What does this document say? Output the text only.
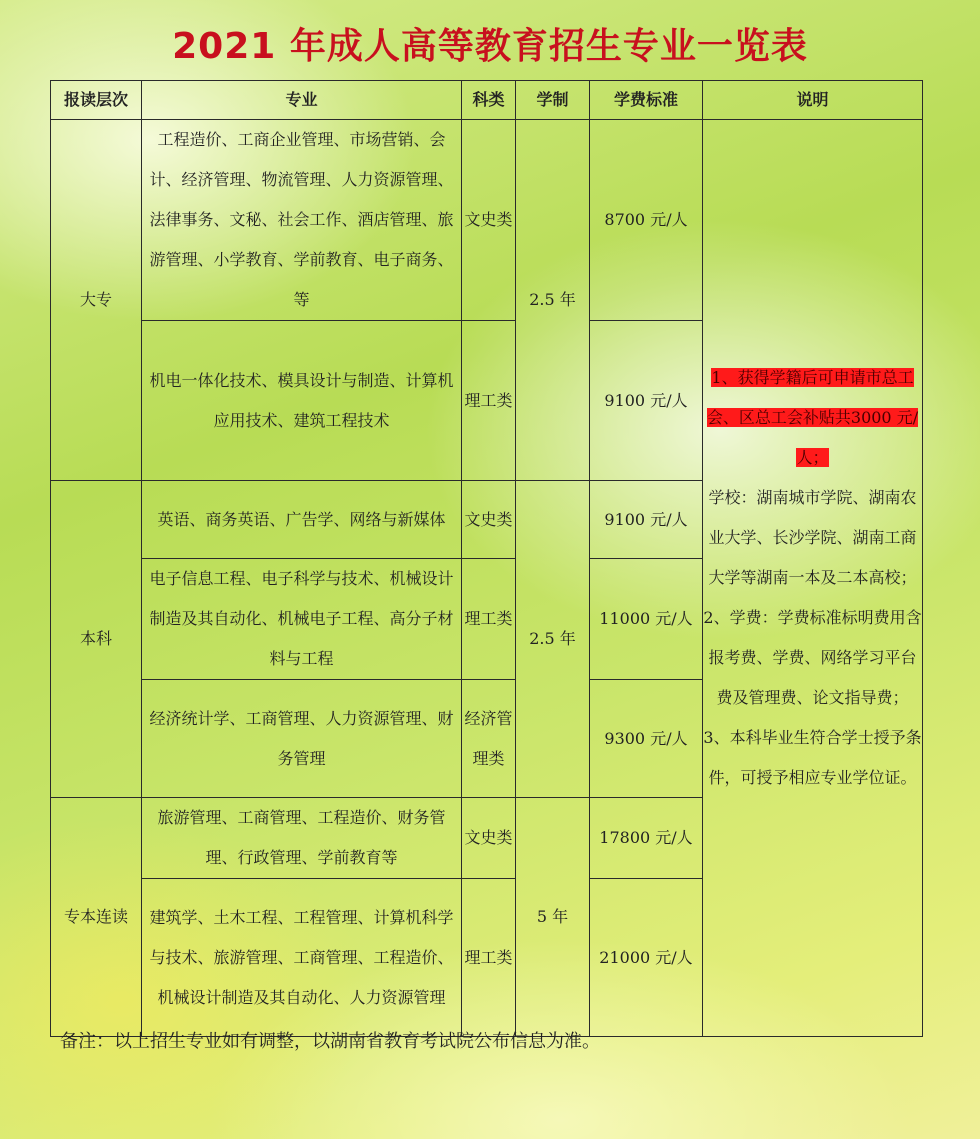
2021 年成人高等教育招生专业一览表
报读层次	专业	科类	学制	学费标准	说明
大专	工程造价、工商企业管理、市场营销、会计、经济管理、物流管理、人力资源管理、法律事务、文秘、社会工作、酒店管理、旅游管理、小学教育、学前教育、电子商务、等	文史类	2.5 年	8700 元/人	1、获得学籍后可申请市总工会、区总工会补贴共3000 元/人；
学校：湖南城市学院、湖南农业大学、长沙学院、湖南工商大学等湖南一本及二本高校；
2、学费：学费标准标明费用含报考费、学费、网络学习平台费及管理费、论文指导费；
3、本科毕业生符合学士授予条件，可授予相应专业学位证。
	机电一体化技术、模具设计与制造、计算机应用技术、建筑工程技术	理工类		9100 元/人	
本科	英语、商务英语、广告学、网络与新媒体	文史类	2.5 年	9100 元/人	
	电子信息工程、电子科学与技术、机械设计制造及其自动化、机械电子工程、高分子材料与工程	理工类		11000 元/人	
	经济统计学、工商管理、人力资源管理、财务管理	经济管理类		9300 元/人	
专本连读	旅游管理、工商管理、工程造价、财务管理、行政管理、学前教育等	文史类	5 年	17800 元/人	
	建筑学、土木工程、工程管理、计算机科学与技术、旅游管理、工商管理、工程造价、机械设计制造及其自动化、人力资源管理	理工类		21000 元/人	
备注：以上招生专业如有调整，以湖南省教育考试院公布信息为准。
